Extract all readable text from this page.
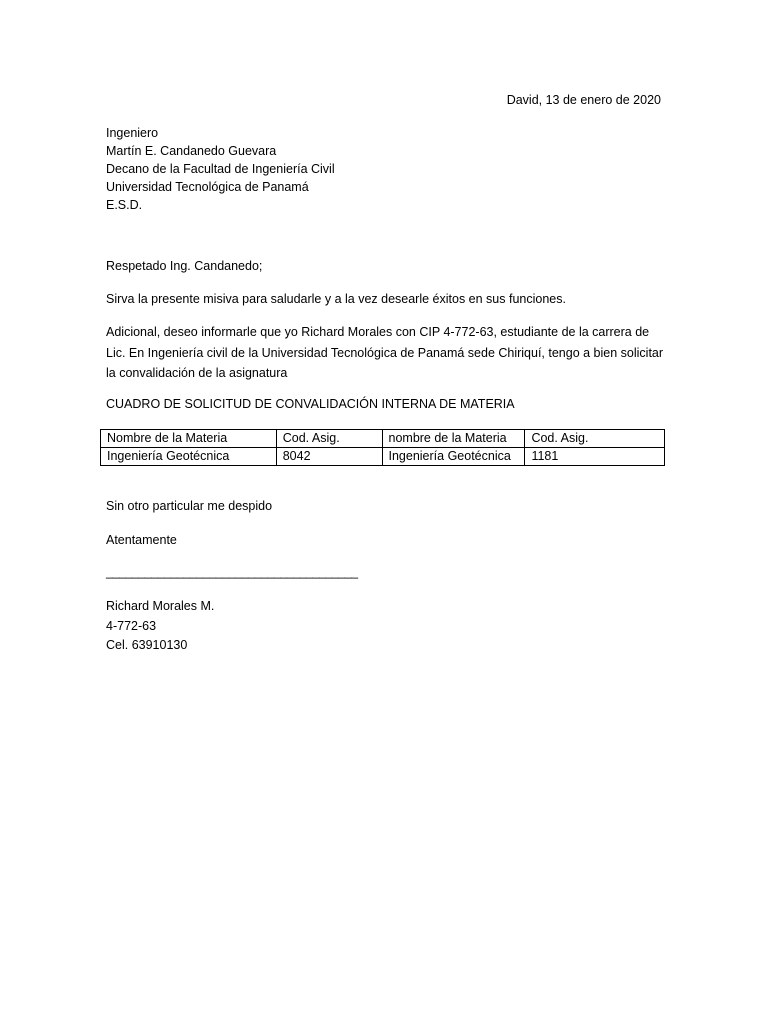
David, 13 de enero de 2020
Ingeniero
Martín E. Candanedo Guevara
Decano de la Facultad de Ingeniería Civil
Universidad Tecnológica de Panamá
E.S.D.
Respetado Ing. Candanedo;
Sirva la presente misiva para saludarle y a la vez desearle éxitos en sus funciones.
Adicional, deseo informarle que yo Richard Morales con CIP 4-772-63, estudiante de la carrera de
Lic. En Ingeniería civil de la Universidad Tecnológica de Panamá sede Chiriquí, tengo a bien solicitar
la convalidación de la asignatura
CUADRO DE SOLICITUD DE CONVALIDACIÓN INTERNA DE MATERIA
Nombre de la Materia	Cod. Asig.	nombre de la Materia	Cod. Asig.
Ingeniería Geotécnica	8042	Ingeniería Geotécnica	1181
Sin otro particular me despido
Atentamente
_______________________________________
Richard Morales M.
4-772-63
Cel. 63910130
